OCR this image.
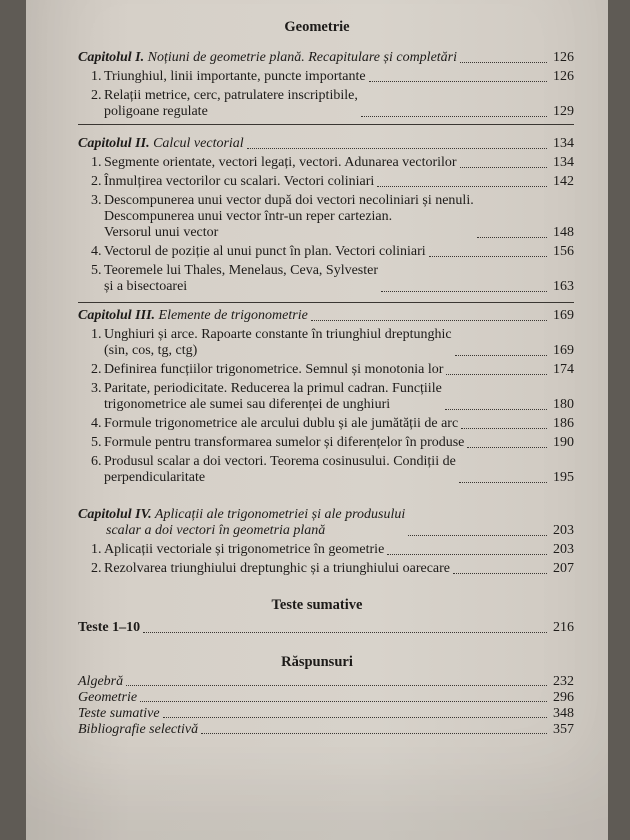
Geometrie
Capitolul I. Noțiuni de geometrie plană. Recapitulare și completări	126
1. Triunghiul, linii importante, puncte importante	126
2. Relații metrice, cerc, patrulatere inscriptibile,
poligoane regulate	129
Capitolul II. Calcul vectorial	134
1. Segmente orientate, vectori legați, vectori. Adunarea vectorilor	134
2. Înmulțirea vectorilor cu scalari. Vectori coliniari	142
3. Descompunerea unui vector după doi vectori necoliniari și nenuli.
Descompunerea unui vector într-un reper cartezian.
Versorul unui vector	148
4. Vectorul de poziție al unui punct în plan. Vectori coliniari	156
5. Teoremele lui Thales, Menelaus, Ceva, Sylvester
și a bisectoarei	163
Capitolul III. Elemente de trigonometrie	169
1. Unghiuri și arce. Rapoarte constante în triunghiul dreptunghic
(sin, cos, tg, ctg)	169
2. Definirea funcțiilor trigonometrice. Semnul și monotonia lor	174
3. Paritate, periodicitate. Reducerea la primul cadran. Funcțiile
trigonometrice ale sumei sau diferenței de unghiuri	180
4. Formule trigonometrice ale arcului dublu și ale jumătății de arc	186
5. Formule pentru transformarea sumelor și diferențelor în produse	190
6. Produsul scalar a doi vectori. Teorema cosinusului. Condiții de
perpendicularitate	195
Capitolul IV. Aplicații ale trigonometriei și ale produsului
scalar a doi vectori în geometria plană	203
1. Aplicații vectoriale și trigonometrice în geometrie	203
2. Rezolvarea triunghiului dreptunghic și a triunghiului oarecare	207
Teste sumative
Teste 1–10	216
Răspunsuri
Algebră	232
Geometrie	296
Teste sumative	348
Bibliografie selectivă	357
